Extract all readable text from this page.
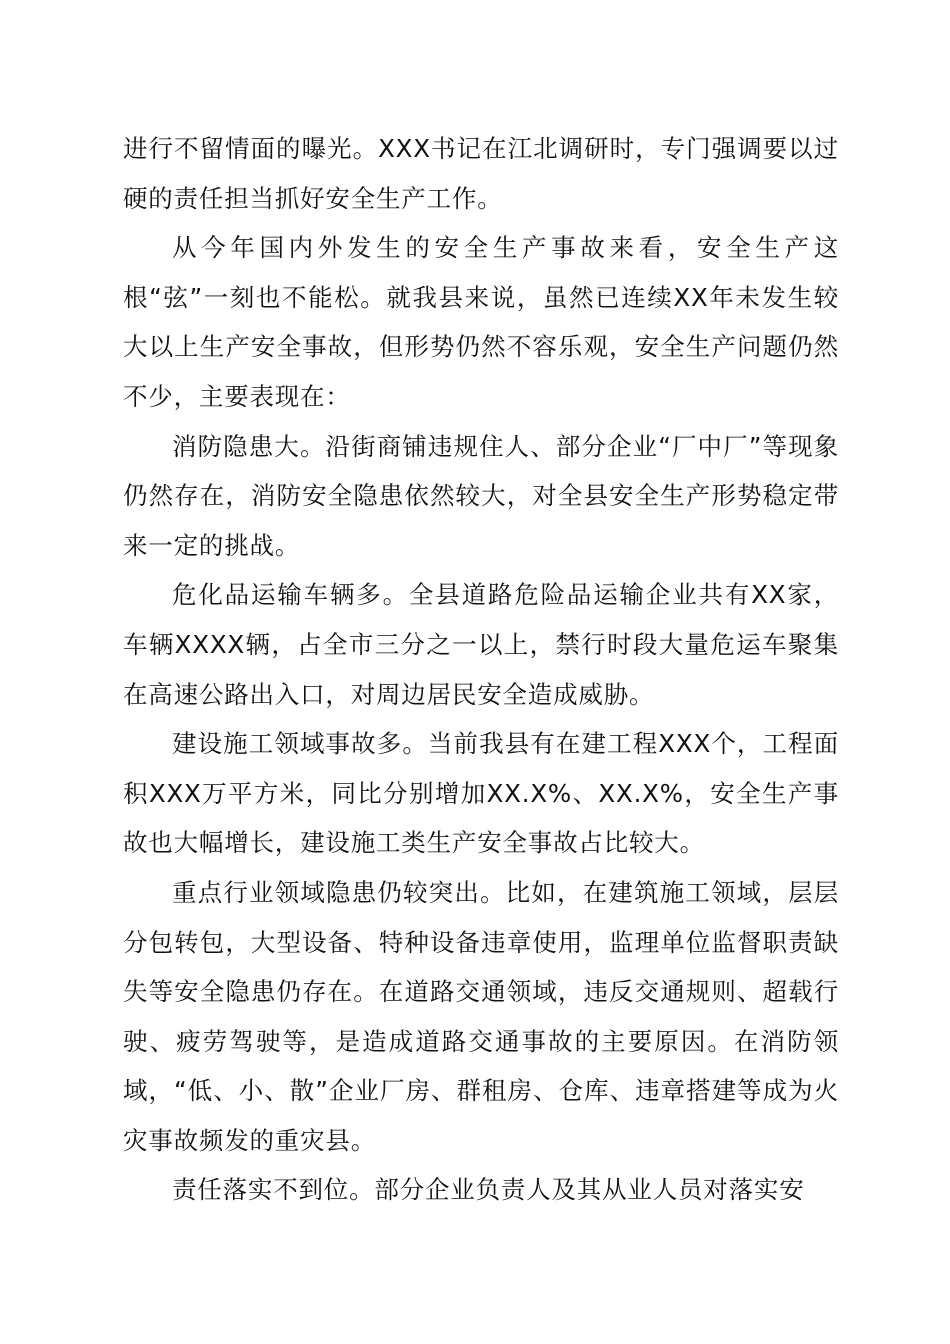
进行不留情面的曝光。XXX书记在江北调研时，专门强调要以过硬的责任担当抓好安全生产工作。

从今年国内外发生的安全生产事故来看，安全生产这根“弦”一刻也不能松。就我县来说，虽然已连续XX年未发生较大以上生产安全事故，但形势仍然不容乐观，安全生产问题仍然不少，主要表现在：

消防隐患大。沿街商铺违规住人、部分企业“厂中厂”等现象仍然存在，消防安全隐患依然较大，对全县安全生产形势稳定带来一定的挑战。

危化品运输车辆多。全县道路危险品运输企业共有XX家，车辆XXXX辆，占全市三分之一以上，禁行时段大量危运车聚集在高速公路出入口，对周边居民安全造成威胁。

建设施工领域事故多。当前我县有在建工程XXX个，工程面积XXX万平方米，同比分别增加XX.X%、XX.X%，安全生产事故也大幅增长，建设施工类生产安全事故占比较大。

重点行业领域隐患仍较突出。比如，在建筑施工领域，层层分包转包，大型设备、特种设备违章使用，监理单位监督职责缺失等安全隐患仍存在。在道路交通领域，违反交通规则、超载行驶、疲劳驾驶等，是造成道路交通事故的主要原因。在消防领域，“低、小、散”企业厂房、群租房、仓库、违章搭建等成为火灾事故频发的重灾县。

责任落实不到位。部分企业负责人及其从业人员对落实安
